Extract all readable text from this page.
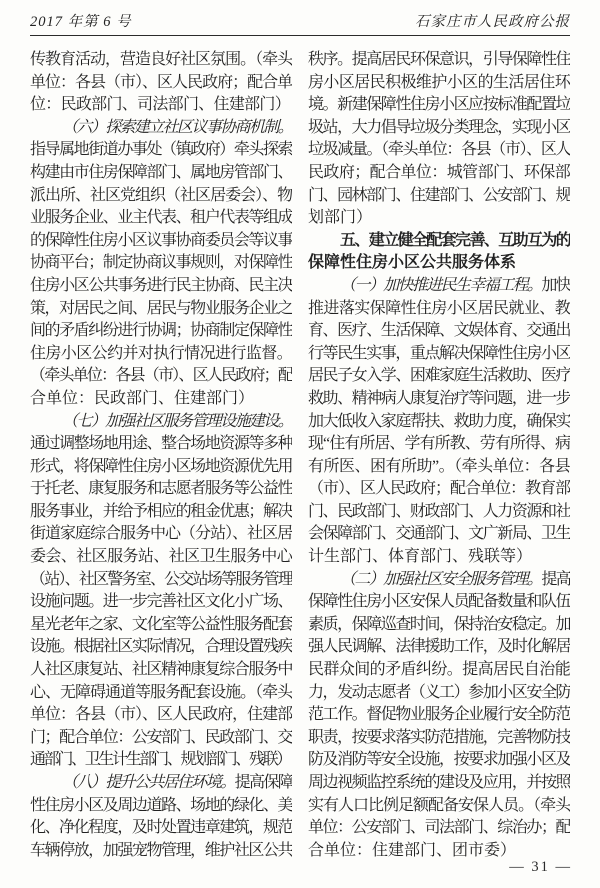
2017 年第 6 号	石家庄市人民政府公报
传教育活动，营造良好社区氛围。（牵头
单位：各县（市）、区人民政府；配合单
位：民政部门、司法部门、住建部门）
（六）探索建立社区议事协商机制。
指导属地街道办事处（镇政府）牵头探索
构建由市住房保障部门、属地房管部门、
派出所、社区党组织（社区居委会）、物
业服务企业、业主代表、租户代表等组成
的保障性住房小区议事协商委员会等议事
协商平台；制定协商议事规则，对保障性
住房小区公共事务进行民主协商、民主决
策，对居民之间、居民与物业服务企业之
间的矛盾纠纷进行协调；协商制定保障性
住房小区公约并对执行情况进行监督。
（牵头单位：各县（市）、区人民政府；配
合单位：民政部门、住建部门）
（七）加强社区服务管理设施建设。
通过调整场地用途、整合场地资源等多种
形式，将保障性住房小区场地资源优先用
于托老、康复服务和志愿者服务等公益性
服务事业，并给予相应的租金优惠；解决
街道家庭综合服务中心（分站）、社区居
委会、社区服务站、社区卫生服务中心
（站）、社区警务室、公交站场等服务管理
设施问题。进一步完善社区文化小广场、
星光老年之家、文化室等公益性服务配套
设施。根据社区实际情况，合理设置残疾
人社区康复站、社区精神康复综合服务中
心、无障碍通道等服务配套设施。（牵头
单位：各县（市）、区人民政府，住建部
门；配合单位：公安部门、民政部门、交
通部门、卫生计生部门、规划部门、残联）
（八）提升公共居住环境。提高保障
性住房小区及周边道路、场地的绿化、美
化、净化程度，及时处置违章建筑，规范
车辆停放，加强宠物管理，维护社区公共
秩序。提高居民环保意识，引导保障性住
房小区居民积极维护小区的生活居住环
境。新建保障性住房小区应按标准配置垃
圾站，大力倡导垃圾分类理念，实现小区
垃圾减量。（牵头单位：各县（市）、区人
民政府；配合单位：城管部门、环保部
门、园林部门、住建部门、公安部门、规
划部门）
五、建立健全配套完善、互助互为的
保障性住房小区公共服务体系
（一）加快推进民生幸福工程。加快
推进落实保障性住房小区居民就业、教
育、医疗、生活保障、文娱体育、交通出
行等民生实事，重点解决保障性住房小区
居民子女入学、困难家庭生活救助、医疗
救助、精神病人康复治疗等问题，进一步
加大低收入家庭帮扶、救助力度，确保实
现“住有所居、学有所教、劳有所得、病
有所医、困有所助”。（牵头单位：各县
（市）、区人民政府；配合单位：教育部
门、民政部门、财政部门、人力资源和社
会保障部门、交通部门、文广新局、卫生
计生部门、体育部门、残联等）
（二）加强社区安全服务管理。提高
保障性住房小区安保人员配备数量和队伍
素质，保障巡查时间，保持治安稳定。加
强人民调解、法律援助工作，及时化解居
民群众间的矛盾纠纷。提高居民自治能
力，发动志愿者（义工）参加小区安全防
范工作。督促物业服务企业履行安全防范
职责，按要求落实防范措施，完善物防技
防及消防等安全设施，按要求加强小区及
周边视频监控系统的建设及应用，并按照
实有人口比例足额配备安保人员。（牵头
单位：公安部门、司法部门、综治办；配
合单位：住建部门、团市委）
— 31 —
